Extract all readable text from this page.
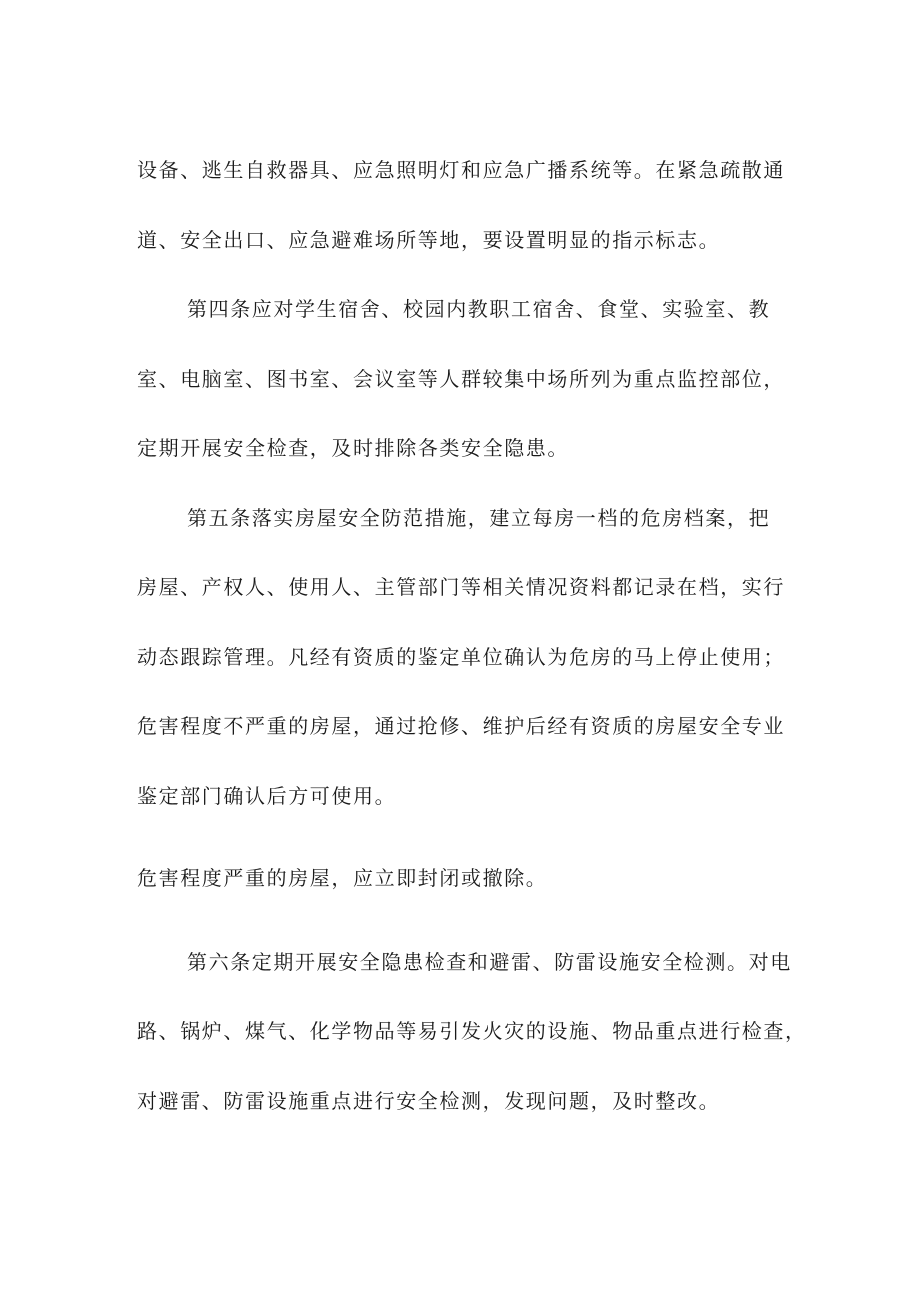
设备、逃生自救器具、应急照明灯和应急广播系统等。在紧急疏散通
道、安全出口、应急避难场所等地，要设置明显的指示标志。
第四条应对学生宿舍、校园内教职工宿舍、食堂、实验室、教
室、电脑室、图书室、会议室等人群较集中场所列为重点监控部位，
定期开展安全检查，及时排除各类安全隐患。
第五条落实房屋安全防范措施，建立每房一档的危房档案，把
房屋、产权人、使用人、主管部门等相关情况资料都记录在档，实行
动态跟踪管理。凡经有资质的鉴定单位确认为危房的马上停止使用；
危害程度不严重的房屋，通过抢修、维护后经有资质的房屋安全专业
鉴定部门确认后方可使用。
危害程度严重的房屋，应立即封闭或撤除。
第六条定期开展安全隐患检查和避雷、防雷设施安全检测。对电
路、锅炉、煤气、化学物品等易引发火灾的设施、物品重点进行检查，
对避雷、防雷设施重点进行安全检测，发现问题，及时整改。
